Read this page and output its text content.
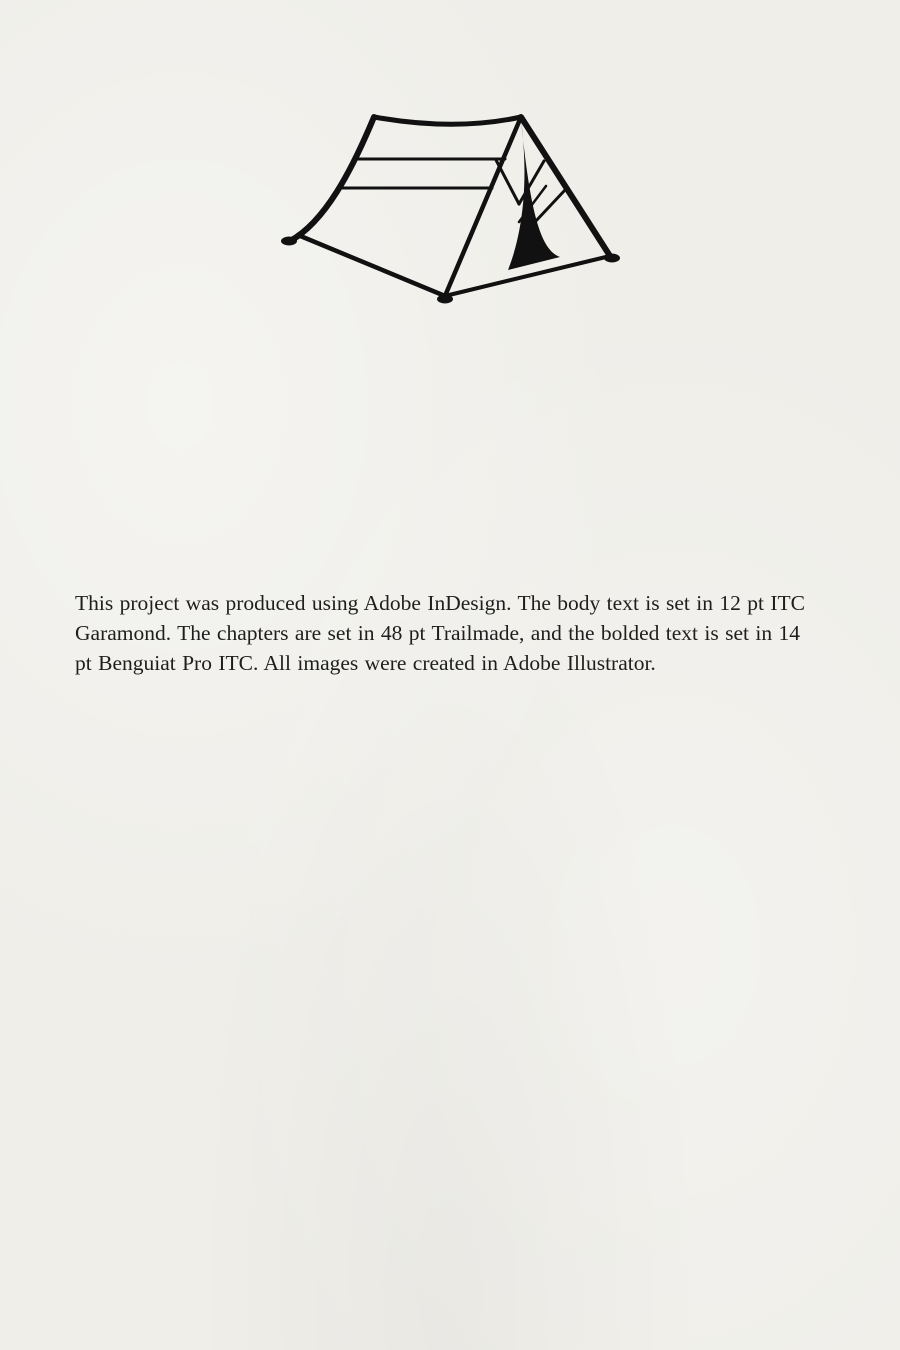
This project was produced using Adobe InDesign. The body text is set in 12 pt ITC Garamond. The chapters are set in 48 pt Trailmade, and the bolded text is set in 14 pt Benguiat Pro ITC. All images were created in Adobe Illustrator.
